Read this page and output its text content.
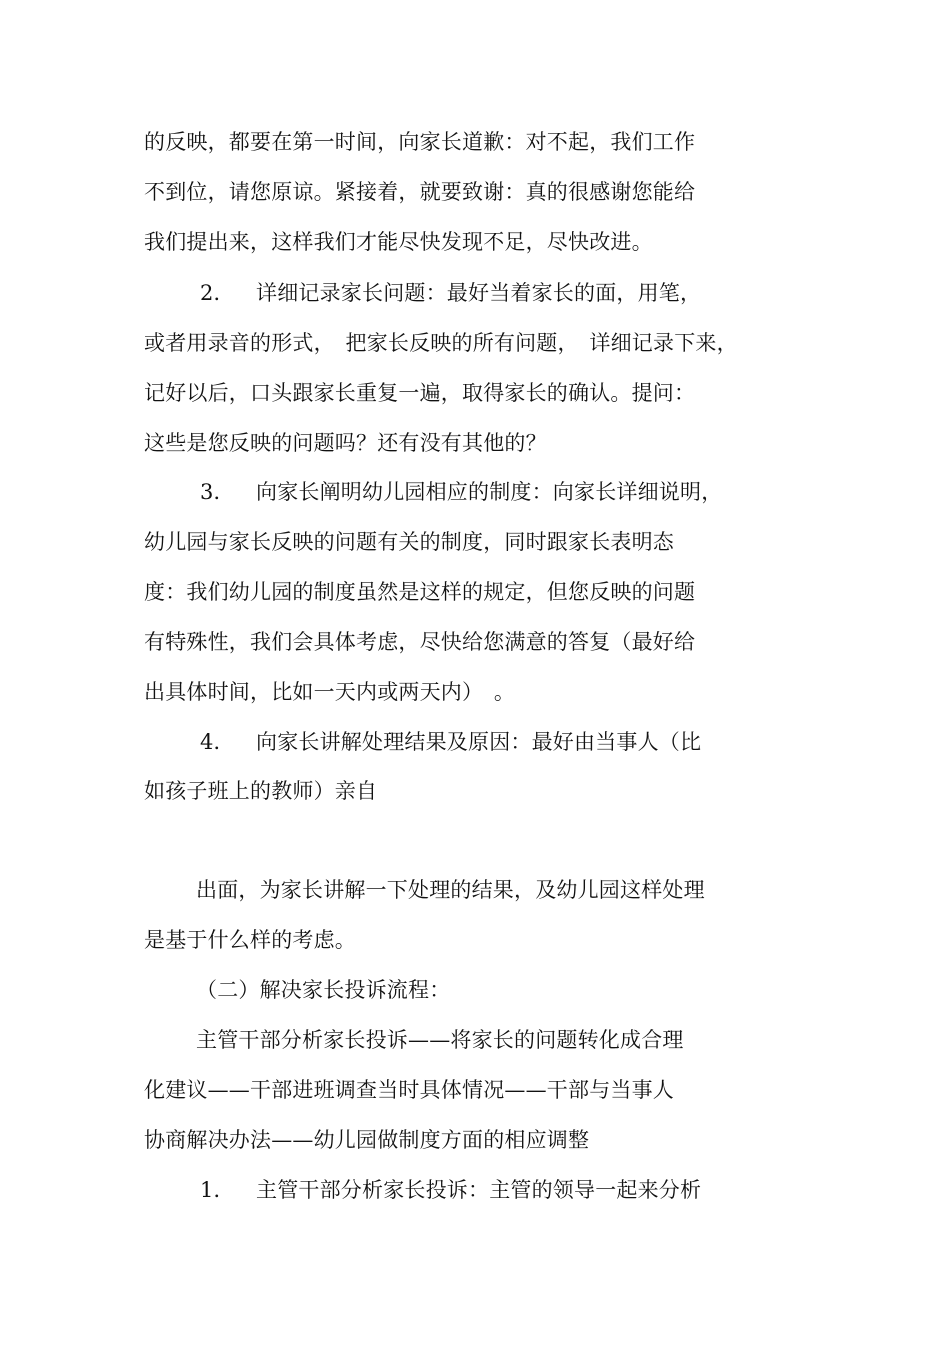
的反映，都要在第一时间，向家长道歉：对不起，我们工作
不到位，请您原谅。紧接着，就要致谢：真的很感谢您能给
我们提出来，这样我们才能尽快发现不足，尽快改进。
2． 详细记录家长问题：最好当着家长的面，用笔，
或者用录音的形式，　把家长反映的所有问题，　详细记录下来，
记好以后，口头跟家长重复一遍，取得家长的确认。提问：
这些是您反映的问题吗？还有没有其他的？
3． 向家长阐明幼儿园相应的制度：向家长详细说明，
幼儿园与家长反映的问题有关的制度，同时跟家长表明态
度：我们幼儿园的制度虽然是这样的规定，但您反映的问题
有特殊性，我们会具体考虑，尽快给您满意的答复（最好给
出具体时间，比如一天内或两天内）　。
4． 向家长讲解处理结果及原因：最好由当事人（比
如孩子班上的教师）亲自
出面，为家长讲解一下处理的结果，及幼儿园这样处理
是基于什么样的考虑。
（二）解决家长投诉流程：
主管干部分析家长投诉——将家长的问题转化成合理
化建议——干部进班调查当时具体情况——干部与当事人
协商解决办法——幼儿园做制度方面的相应调整
1． 主管干部分析家长投诉：主管的领导一起来分析
